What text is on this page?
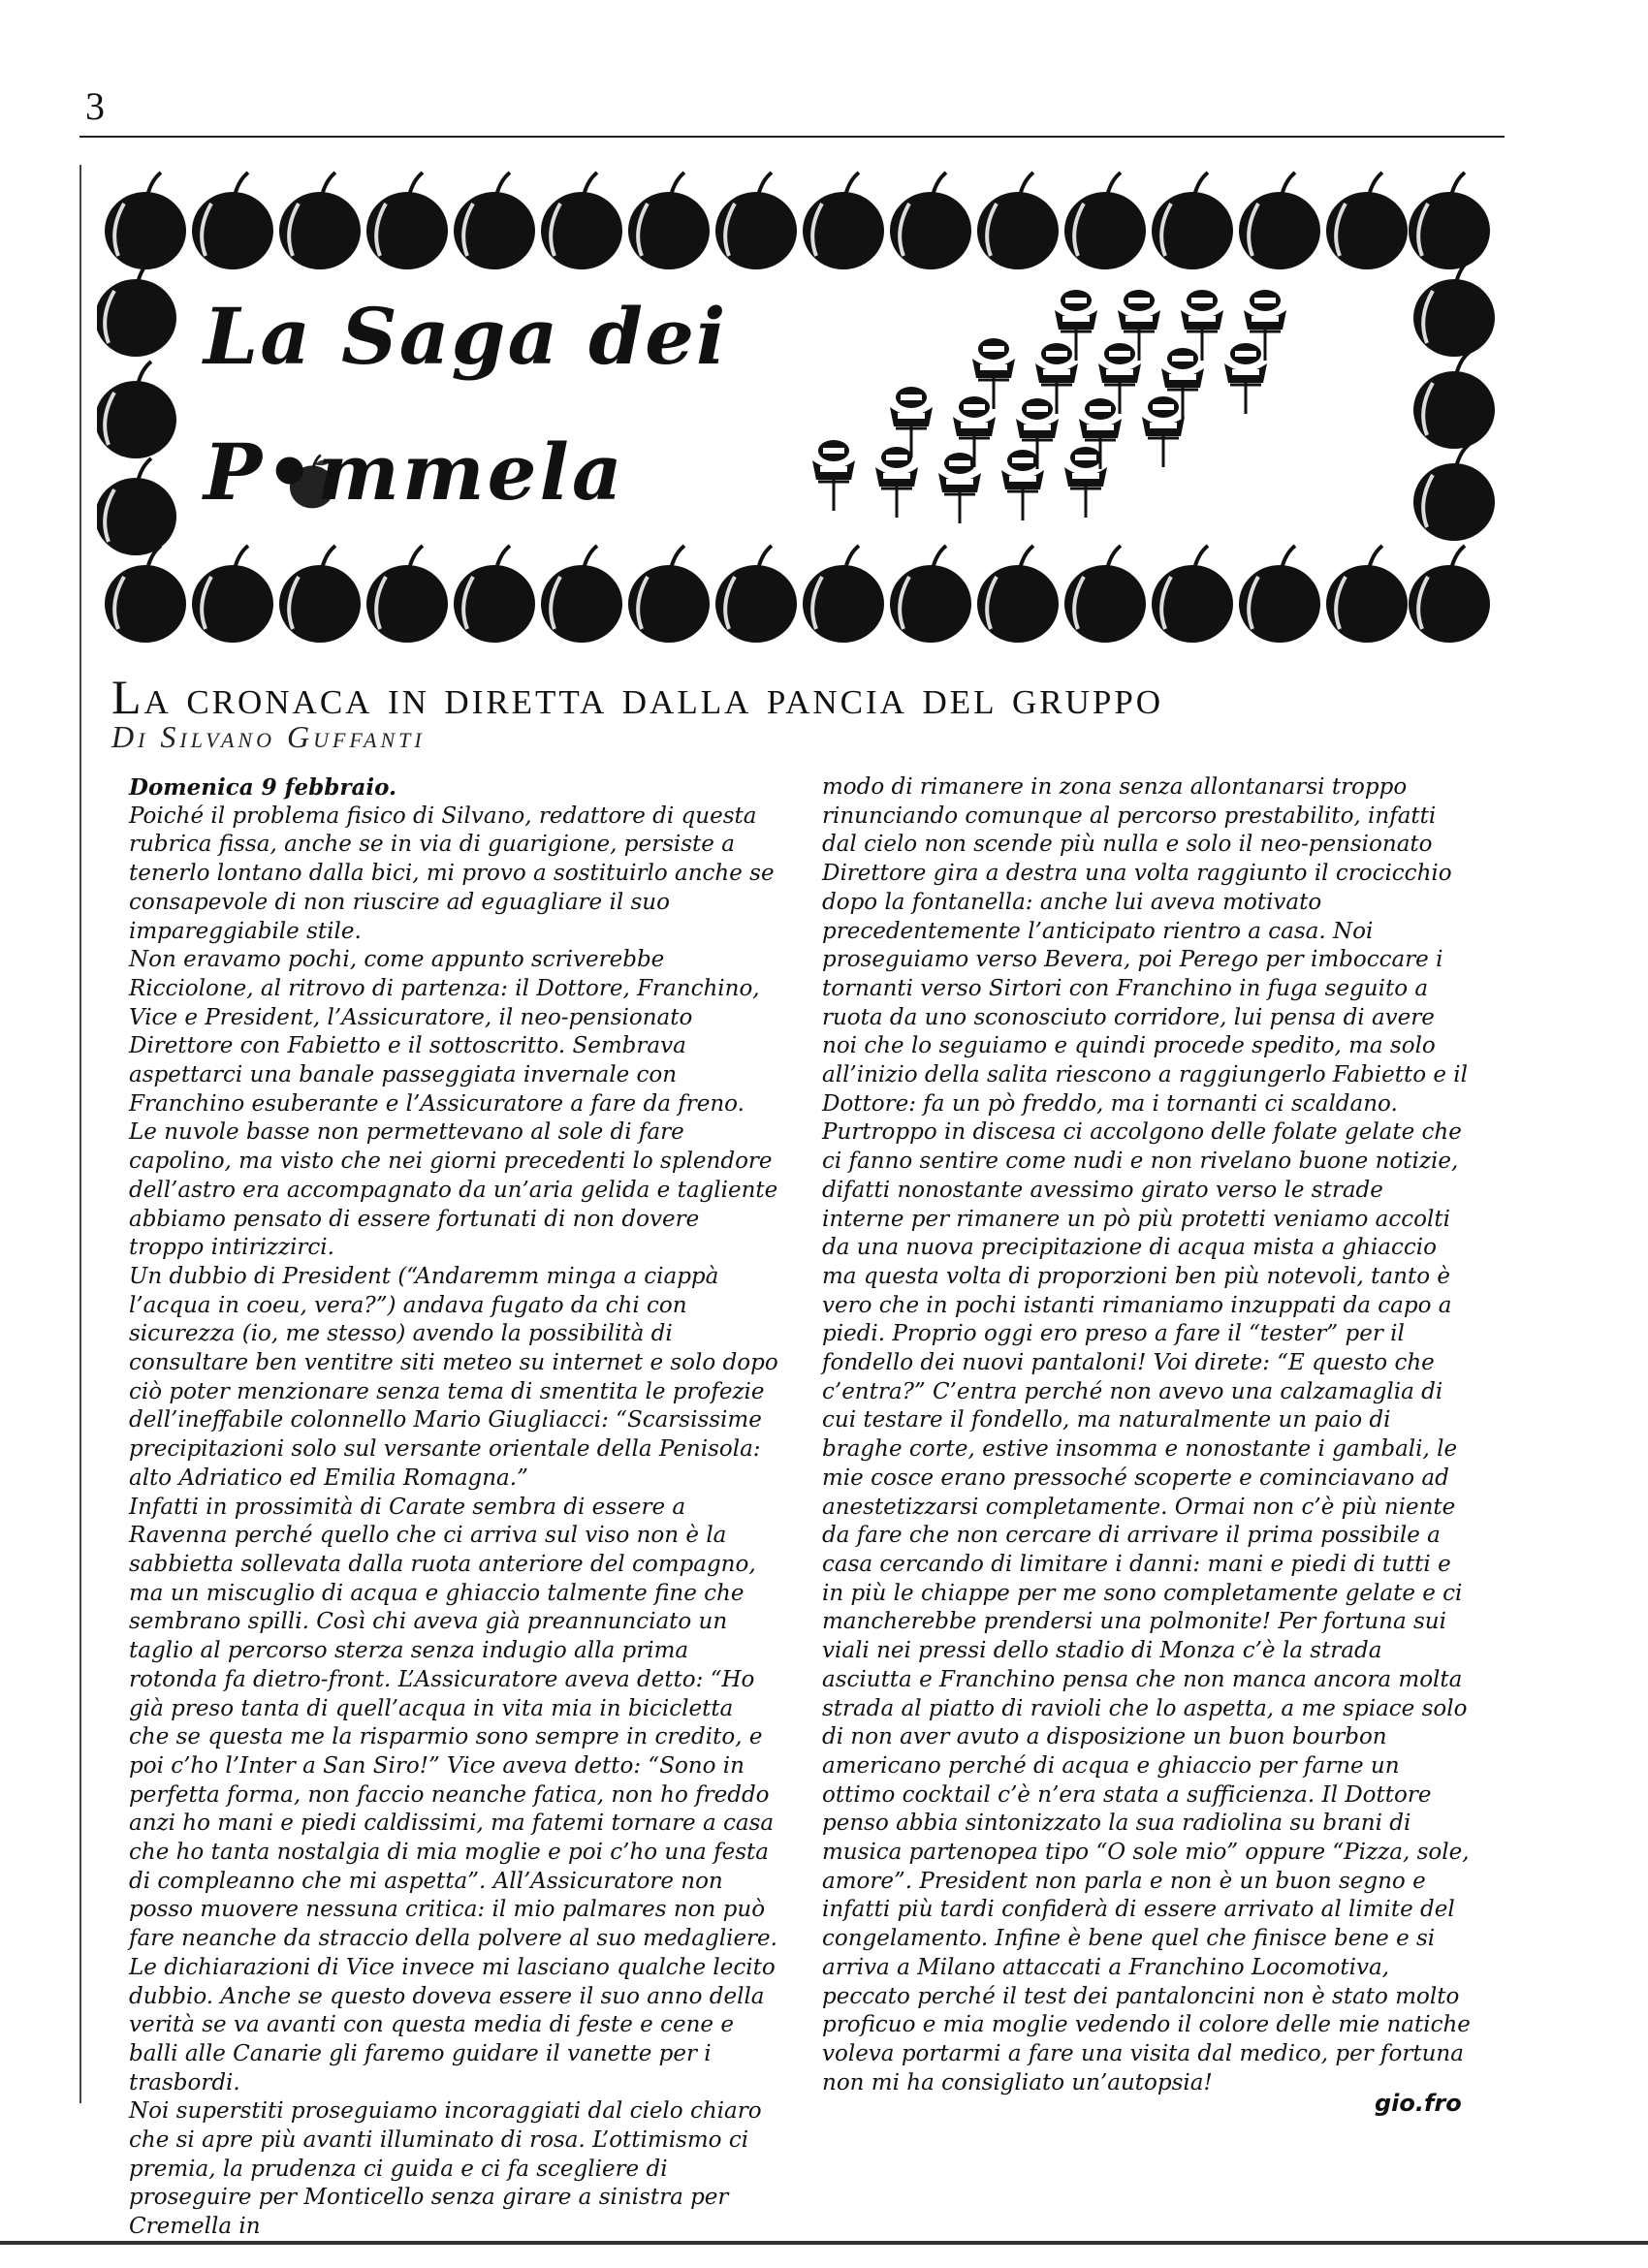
3
La Saga dei
P•mmela
La cronaca in diretta dalla pancia del gruppo
Di Silvano Guffanti

Domenica 9 febbraio.

Poiché il problema fisico di Silvano, redattore di questa rubrica fissa, anche se in via di guarigione, persiste a tenerlo lontano dalla bici, mi provo a sostituirlo anche se consapevole di non riuscire ad eguagliare il suo impareggiabile stile.

Non eravamo pochi, come appunto scriverebbe Ricciolone, al ritrovo di partenza: il Dottore, Franchino, Vice e President, l’Assicuratore, il neo-pensionato Direttore con Fabietto e il sottoscritto. Sembrava aspettarci una banale passeggiata invernale con Franchino esuberante e l’Assicuratore a fare da freno. Le nuvole basse non permettevano al sole di fare capolino, ma visto che nei giorni precedenti lo splendore dell’astro era accompagnato da un’aria gelida e tagliente abbiamo pensato di essere fortunati di non dovere troppo intirizzirci.

Un dubbio di President (“Andaremm minga a ciappà l’acqua in coeu, vera?”) andava fugato da chi con sicurezza (io, me stesso) avendo la possibilità di consultare ben ventitre siti meteo su internet e solo dopo ciò poter menzionare senza tema di smentita le profezie dell’ineffabile colonnello Mario Giugliacci: “Scarsissime precipitazioni solo sul versante orientale della Penisola: alto Adriatico ed Emilia Romagna.”

Infatti in prossimità di Carate sembra di essere a Ravenna perché quello che ci arriva sul viso non è la sabbietta sollevata dalla ruota anteriore del compagno, ma un miscuglio di acqua e ghiaccio talmente fine che sembrano spilli. Così chi aveva già preannunciato un taglio al percorso sterza senza indugio alla prima rotonda fa dietro-front. L’Assicuratore aveva detto: “Ho già preso tanta di quell’acqua in vita mia in bicicletta che se questa me la risparmio sono sempre in credito, e poi c’ho l’Inter a San Siro!” Vice aveva detto: “Sono in perfetta forma, non faccio neanche fatica, non ho freddo anzi ho mani e piedi caldissimi, ma fatemi tornare a casa che ho tanta nostalgia di mia moglie e poi c’ho una festa di compleanno che mi aspetta”. All’Assicuratore non posso muovere nessuna critica: il mio palmares non può fare neanche da straccio della polvere al suo medagliere. Le dichiarazioni di Vice invece mi lasciano qualche lecito dubbio. Anche se questo doveva essere il suo anno della verità se va avanti con questa media di feste e cene e balli alle Canarie gli faremo guidare il vanette per i trasbordi.

Noi superstiti proseguiamo incoraggiati dal cielo chiaro che si apre più avanti illuminato di rosa. L’ottimismo ci premia, la prudenza ci guida e ci fa scegliere di proseguire per Monticello senza girare a sinistra per Cremella in

modo di rimanere in zona senza allontanarsi troppo rinunciando comunque al percorso prestabilito, infatti dal cielo non scende più nulla e solo il neo-pensionato Direttore gira a destra una volta raggiunto il crocicchio dopo la fontanella: anche lui aveva motivato precedentemente l’anticipato rientro a casa. Noi proseguiamo verso Bevera, poi Perego per imboccare i tornanti verso Sirtori con Franchino in fuga seguito a ruota da uno sconosciuto corridore, lui pensa di avere noi che lo seguiamo e quindi procede spedito, ma solo all’inizio della salita riescono a raggiungerlo Fabietto e il Dottore: fa un pò freddo, ma i tornanti ci scaldano. Purtroppo in discesa ci accolgono delle folate gelate che ci fanno sentire come nudi e non rivelano buone notizie, difatti nonostante avessimo girato verso le strade interne per rimanere un pò più protetti veniamo accolti da una nuova precipitazione di acqua mista a ghiaccio ma questa volta di proporzioni ben più notevoli, tanto è vero che in pochi istanti rimaniamo inzuppati da capo a piedi. Proprio oggi ero preso a fare il “tester” per il fondello dei nuovi pantaloni! Voi direte: “E questo che c’entra?” C’entra perché non avevo una calzamaglia di cui testare il fondello, ma naturalmente un paio di braghe corte, estive insomma e nonostante i gambali, le mie cosce erano pressoché scoperte e cominciavano ad anestetizzarsi completamente. Ormai non c’è più niente da fare che non cercare di arrivare il prima possibile a casa cercando di limitare i danni: mani e piedi di tutti e in più le chiappe per me sono completamente gelate e ci mancherebbe prendersi una polmonite! Per fortuna sui viali nei pressi dello stadio di Monza c’è la strada asciutta e Franchino pensa che non manca ancora molta strada al piatto di ravioli che lo aspetta, a me spiace solo di non aver avuto a disposizione un buon bourbon americano perché di acqua e ghiaccio per farne un ottimo cocktail c’è n’era stata a sufficienza. Il Dottore penso abbia sintonizzato la sua radiolina su brani di musica partenopea tipo “O sole mio” oppure “Pizza, sole, amore”. President non parla e non è un buon segno e infatti più tardi confiderà di essere arrivato al limite del congelamento. Infine è bene quel che finisce bene e si arriva a Milano attaccati a Franchino Locomotiva, peccato perché il test dei pantaloncini non è stato molto proficuo e mia moglie vedendo il colore delle mie natiche voleva portarmi a fare una visita dal medico, per fortuna non mi ha consigliato un’autopsia!

gio.fro
